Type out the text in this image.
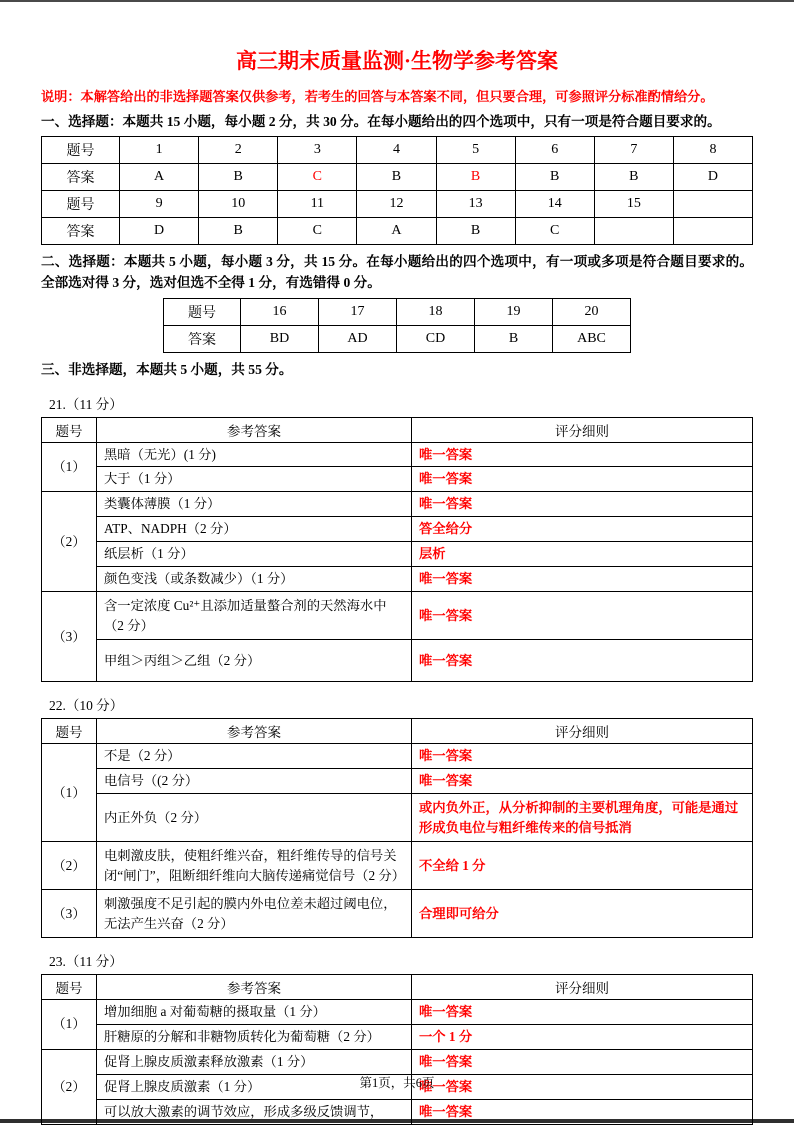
高三期末质量监测·生物学参考答案
说明：本解答给出的非选择题答案仅供参考，若考生的回答与本答案不同，但只要合理，可参照评分标准酌情给分。
一、选择题：本题共 15 小题，每小题 2 分，共 30 分。在每小题给出的四个选项中，只有一项是符合题目要求的。
题号	1	2	3	4	5	6	7	8
答案	A	B	C	B	B	B	B	D
题号	9	10	11	12	13	14	15	
答案	D	B	C	A	B	C		
二、选择题：本题共 5 小题，每小题 3 分，共 15 分。在每小题给出的四个选项中，有一项或多项是符合题目要求的。全部选对得 3 分，选对但选不全得 1 分，有选错得 0 分。
题号	16	17	18	19	20
答案	BD	AD	CD	B	ABC
三、非选择题，本题共 5 小题，共 55 分。
21.（11 分）
题号	参考答案	评分细则
（1）	黑暗（无光）(1 分)	唯一答案
	大于（1 分）	唯一答案
（2）	类囊体薄膜（1 分）	唯一答案
	ATP、NADPH（2 分）	答全给分
	纸层析（1 分）	层析
	颜色变浅（或条数减少）（1 分）	唯一答案
（3）	含一定浓度 Cu²⁺且添加适量螯合剂的天然海水中（2 分）	唯一答案
	甲组＞丙组＞乙组（2 分）	唯一答案
22.（10 分）
题号	参考答案	评分细则
（1）	不是（2 分）	唯一答案
	电信号（(2 分）	唯一答案
	内正外负（2 分）	或内负外正，从分析抑制的主要机理角度，可能是通过形成负电位与粗纤维传来的信号抵消
（2）	电刺激皮肤，使粗纤维兴奋，粗纤维传导的信号关闭“闸门”，阻断细纤维向大脑传递痛觉信号（2 分）	不全给 1 分
（3）	刺激强度不足引起的膜内外电位差未超过阈电位，无法产生兴奋（2 分）	合理即可给分
23.（11 分）
题号	参考答案	评分细则
（1）	增加细胞 a 对葡萄糖的摄取量（1 分）	唯一答案
	肝糖原的分解和非糖物质转化为葡萄糖（2 分）	一个 1 分
（2）	促肾上腺皮质激素释放激素（1 分）	唯一答案
	促肾上腺皮质激素（1 分）	唯一答案
	可以放大激素的调节效应，形成多级反馈调节，	唯一答案
第1页，共6页
